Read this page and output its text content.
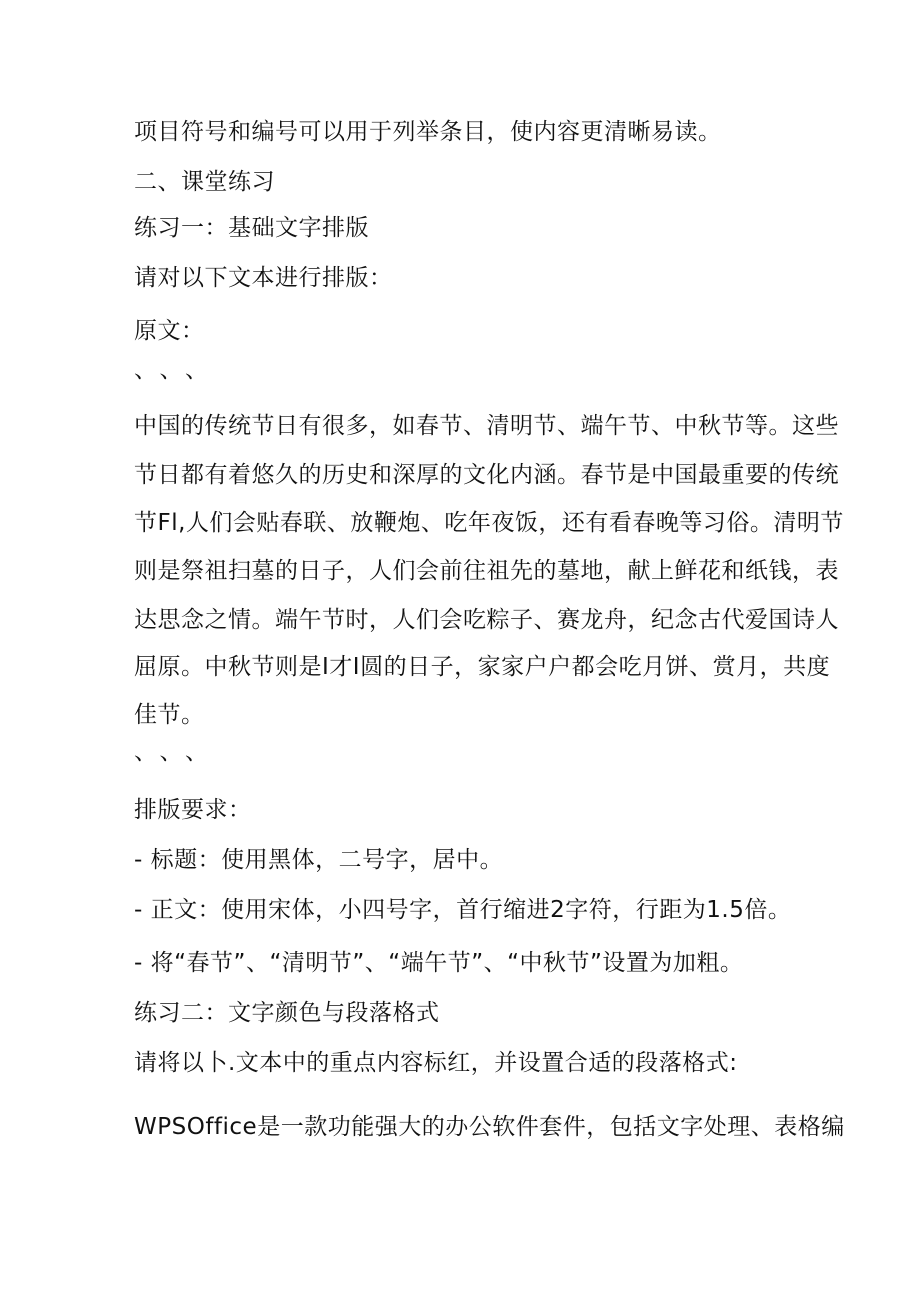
项目符号和编号可以用于列举条目，使内容更清晰易读。
二、课堂练习
练习一：基础文字排版
请对以下文本进行排版：
原文：
、、、
中国的传统节日有很多，如春节、清明节、端午节、中秋节等。这些
节日都有着悠久的历史和深厚的文化内涵。春节是中国最重要的传统
节Fl,人们会贴春联、放鞭炮、吃年夜饭，还有看春晚等习俗。清明节
则是祭祖扫墓的日子，人们会前往祖先的墓地，献上鲜花和纸钱，表
达思念之情。端午节时，人们会吃粽子、赛龙舟，纪念古代爱国诗人
屈原。中秋节则是I才I圆的日子，家家户户都会吃月饼、赏月，共度
佳节。
、、、
排版要求：
- 标题：使用黑体，二号字，居中。
- 正文：使用宋体，小四号字，首行缩进2字符，行距为1.5倍。
- 将“春节”、“清明节”、“端午节”、“中秋节”设置为加粗。
练习二：文字颜色与段落格式
请将以卜.文本中的重点内容标红，并设置合适的段落格式:
WPSOffice是一款功能强大的办公软件套件，包括文字处理、表格编
